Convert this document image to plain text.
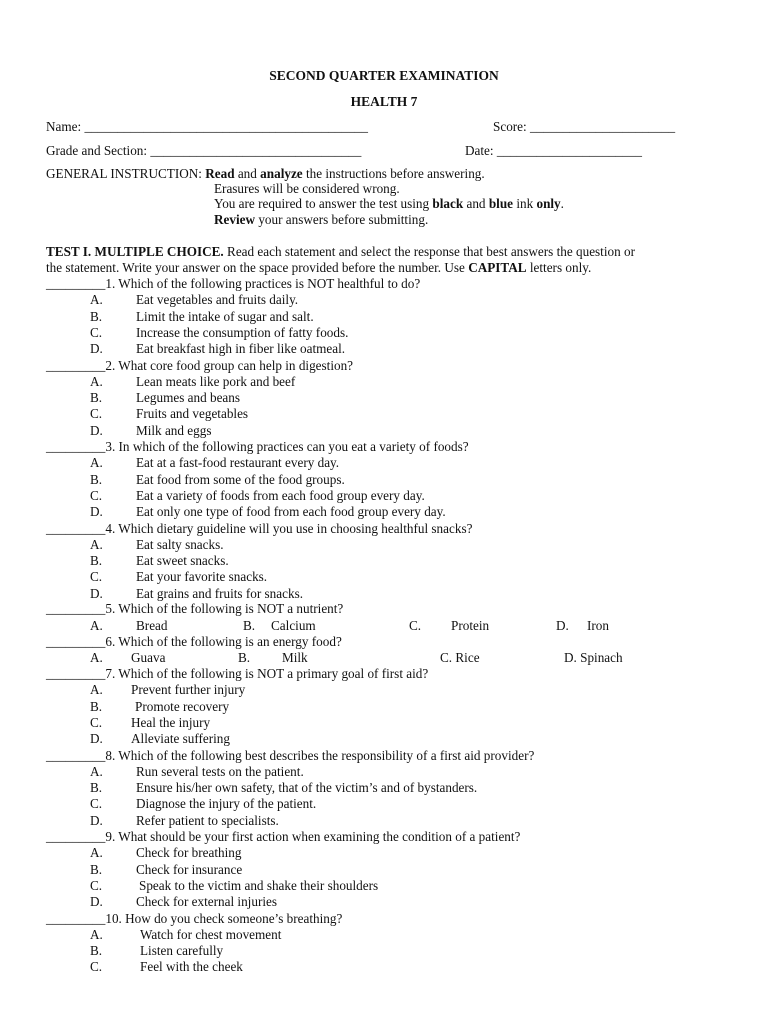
SECOND QUARTER EXAMINATION
HEALTH 7
Name: ___________________________________________	Score: ______________________
Grade and Section: ________________________________	Date: ______________________
GENERAL INSTRUCTION: Read and analyze the instructions before answering.
Erasures will be considered wrong.
You are required to answer the test using black and blue ink only.
Review your answers before submitting.
TEST I. MULTIPLE CHOICE. Read each statement and select the response that best answers the question or
the statement. Write your answer on the space provided before the number. Use CAPITAL letters only.
_________1. Which of the following practices is NOT healthful to do?
A.	Eat vegetables and fruits daily.
B.	Limit the intake of sugar and salt.
C.	Increase the consumption of fatty foods.
D.	Eat breakfast high in fiber like oatmeal.
_________2. What core food group can help in digestion?
A.	Lean meats like pork and beef
B.	Legumes and beans
C.	Fruits and vegetables
D.	Milk and eggs
_________3. In which of the following practices can you eat a variety of foods?
A.	Eat at a fast-food restaurant every day.
B.	Eat food from some of the food groups.
C.	Eat a variety of foods from each food group every day.
D.	Eat only one type of food from each food group every day.
_________4. Which dietary guideline will you use in choosing healthful snacks?
A.	Eat salty snacks.
B.	Eat sweet snacks.
C.	Eat your favorite snacks.
D.	Eat grains and fruits for snacks.
_________5. Which of the following is NOT a nutrient?
A.	Bread	B. Calcium	C. Protein	D. Iron
_________6. Which of the following is an energy food?
A. Guava	B. Milk	C. Rice	D. Spinach
_________7. Which of the following is NOT a primary goal of first aid?
A. Prevent further injury
B. Promote recovery
C. Heal the injury
D. Alleviate suffering
_________8. Which of the following best describes the responsibility of a first aid provider?
A.	Run several tests on the patient.
B.	Ensure his/her own safety, that of the victim’s and of bystanders.
C.	Diagnose the injury of the patient.
D.	Refer patient to specialists.
_________9. What should be your first action when examining the condition of a patient?
A.	Check for breathing
B.	Check for insurance
C.	Speak to the victim and shake their shoulders
D.	Check for external injuries
_________10. How do you check someone’s breathing?
A.	Watch for chest movement
B.	Listen carefully
C.	Feel with the cheek
